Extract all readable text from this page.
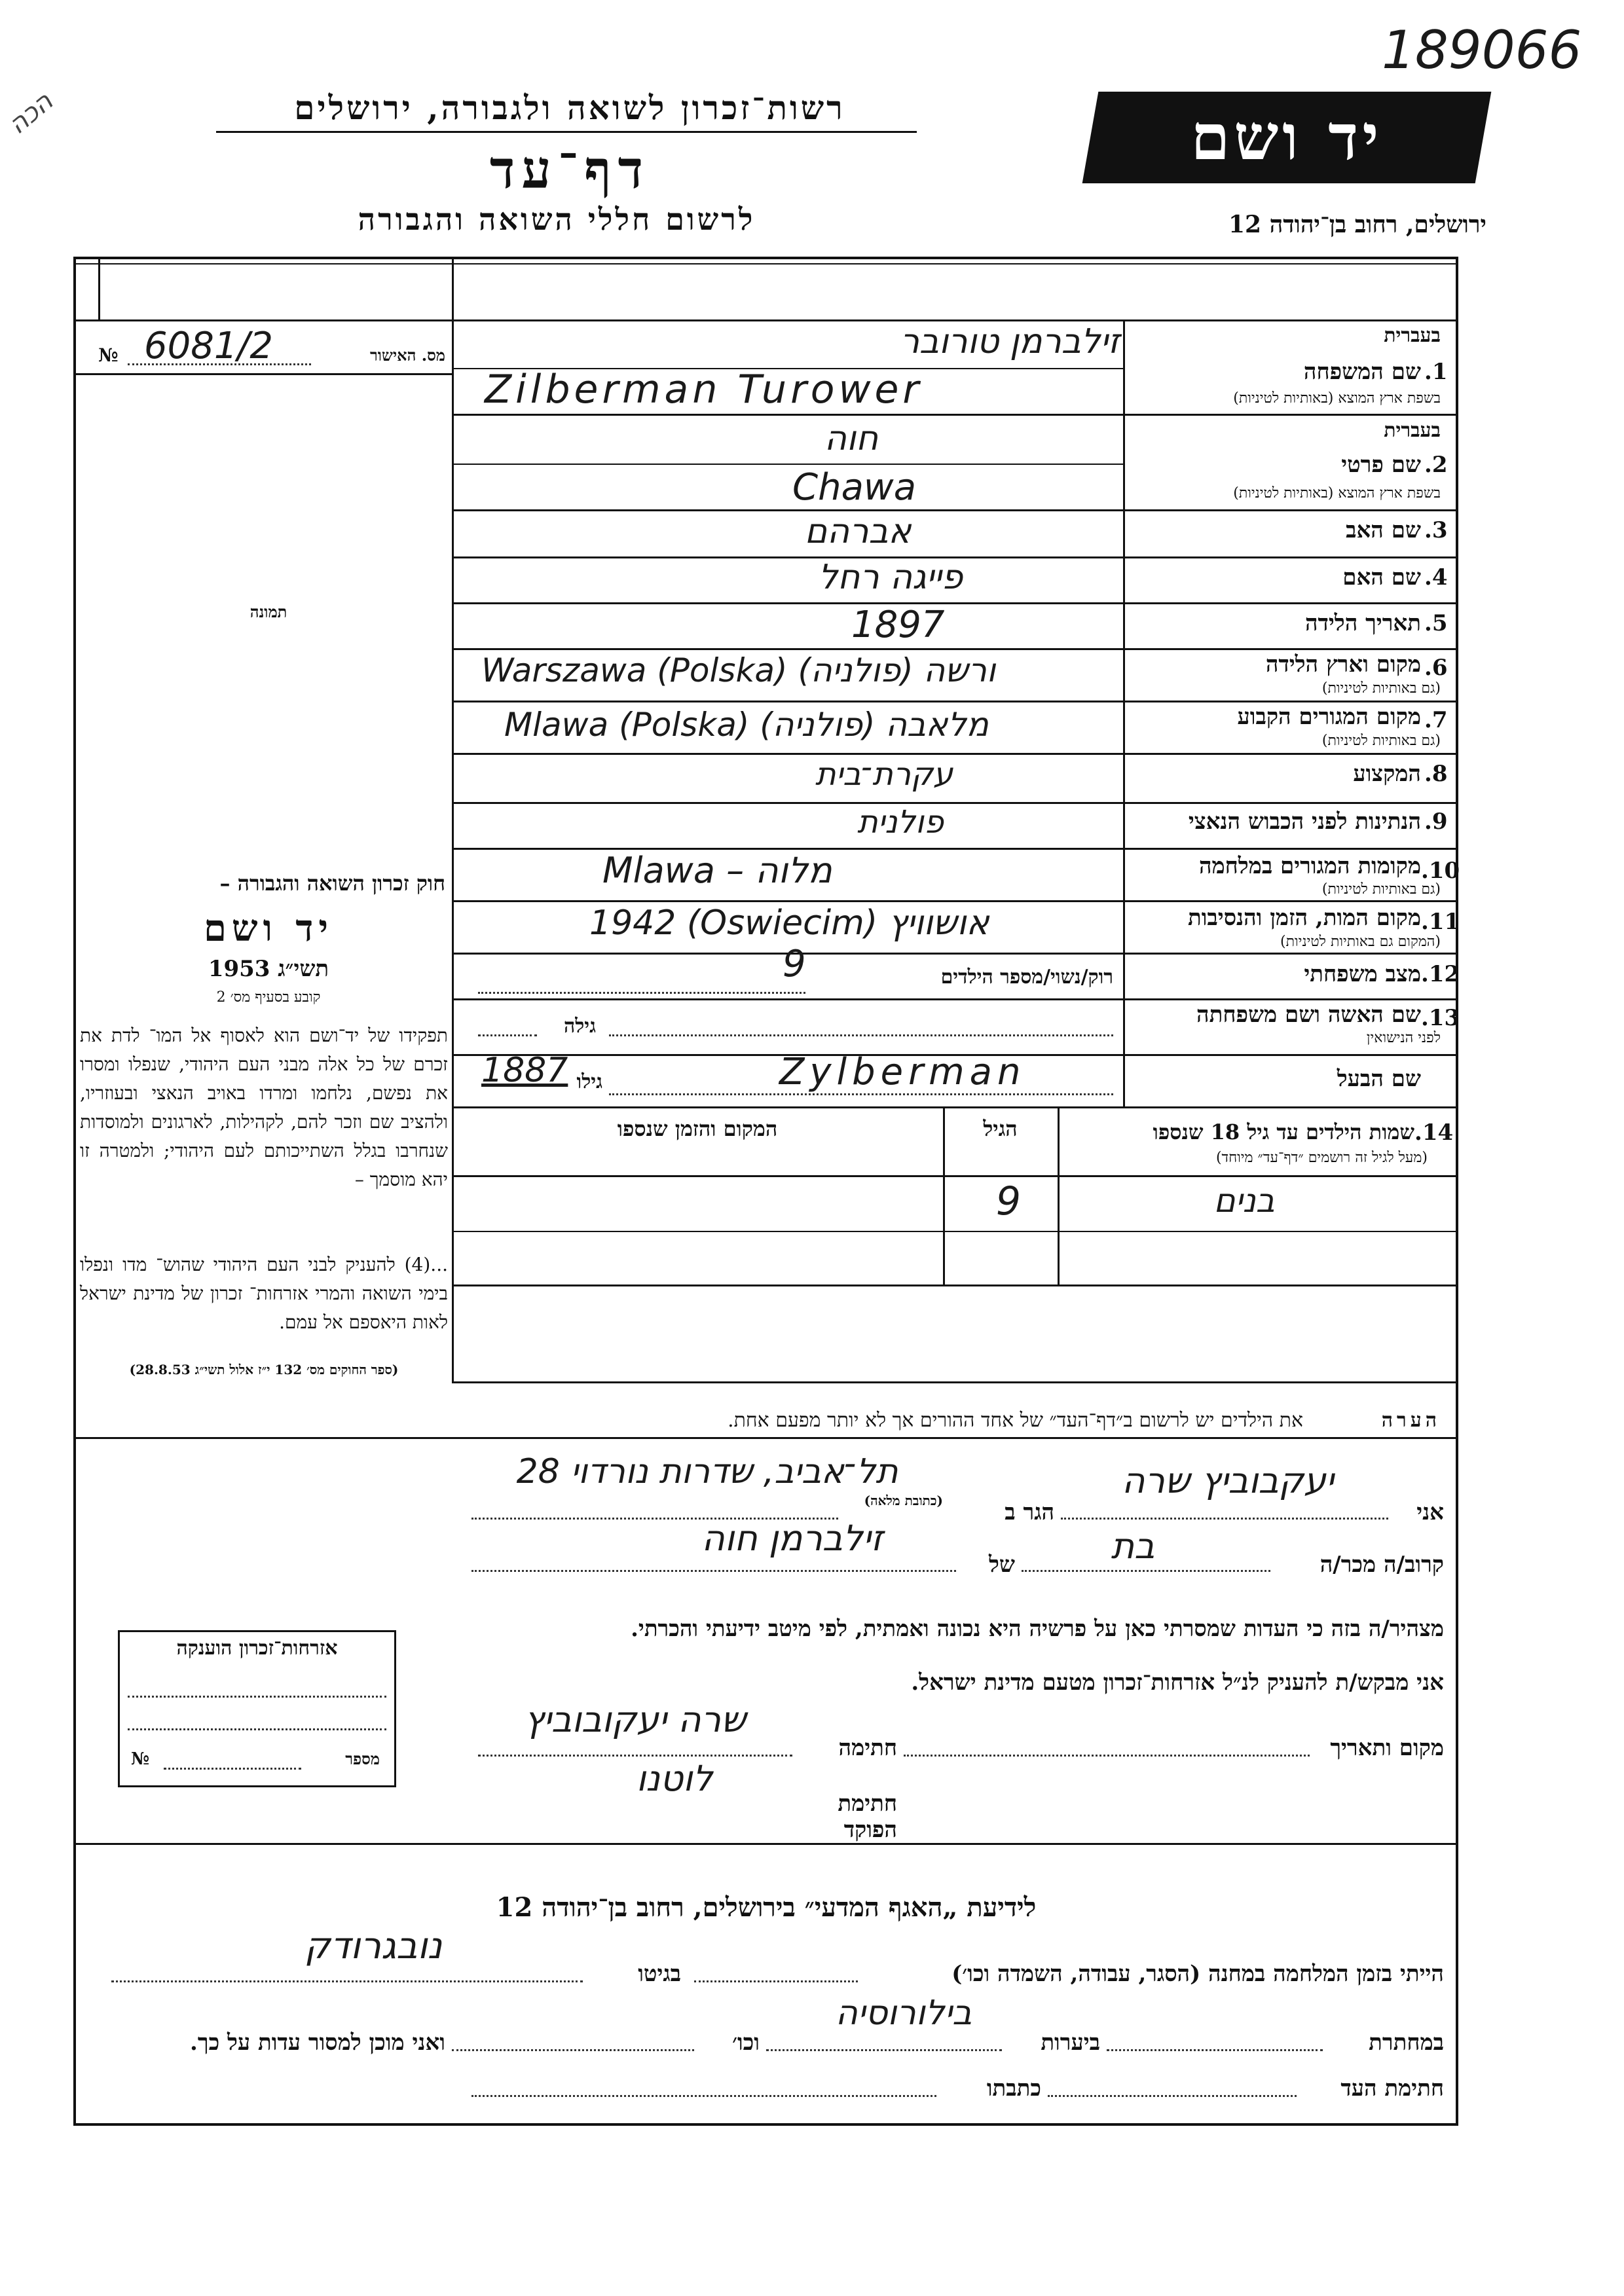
189066
הכה	רשות־זכרון לשואה ולגבורה, ירושלים
דף־עד
לרשום חללי השואה והגבורה
יד ושם
ירושלים, רחוב בן־יהודה 12
מס. האישור
№ 6081/2
תמונה
חוק זכרון השואה והגבורה –
יד ושם
תשי״ג 1953
קובע בסעיף מס׳ 2
תפקידו של יד־ושם הוא לאסוף אל המו־ לדת את זכרם של כל אלה מבני העם היהודי, שנפלו ומסרו את נפשם, נלחמו ומרדו באויב הנאצי ובעוזריו, ולהציב שם וזכר להם, לקהילות, לארגונים ולמוסדות שנחרבו בגלל השתייכותם לעם היהודי; ולמטרה זו יהא מוסמך –
...(4) להעניק לבני העם היהודי שהוש־ מדו ונפלו בימי השואה והמרי אזרחות־ זכרון של מדינת ישראל לאות היאספם אל עמם.
(ספר החוקים מס׳ 132 י״ז אלול תשי״ג 28.8.53)
בעברית
1.
שם המשפחה
בשפת ארץ המוצא (באותיות לטיניות)
זילברמן טורובר
Zilberman Turower
בעברית
2.
שם פרטי
בשפת ארץ המוצא (באותיות לטיניות)
חוה
Chawa
3.
שם האב
אברהם
4.
שם האם
פייגה רחל
5.
תאריך הלידה
1897
6.
מקום וארץ הלידה
(גם באותיות לטיניות)
Warszawa (Polska) ורשה (פולניה)
7.
מקום המגורים הקבוע
(גם באותיות לטיניות)
Mlawa (Polska) מלאבה (פולניה)
8.
המקצוע
עקרת־בית
9.
הנתינות לפני הכבוש הנאצי
פולנית
10.
מקומות המגורים במלחמה
(גם באותיות לטיניות)
Mlawa – מלוה
11.
מקום המות, הזמן והנסיבות
(המקום גם באותיות לטיניות)
1942 (Oswiecim) אושוויץ
12.
מצב משפחתי
רוק/נשוי/מספר הילדים
9
13.
שם האשה ושם משפחתה
לפני הנישואין
גילה
שם הבעל
1887 גילו	Zylberman
14.
שמות הילדים עד גיל 18 שנספו
(מעל לגיל זה רושמים ״דף־עד״ מיוחד)
הגיל
המקום והזמן שנספו
בנים
9
הערה
את הילדים יש לרשום ב״דף־העד״ של אחד ההורים אך לא יותר מפעם אחת.
אני
יעקבוביץ שרה
הגר ב
(כתובת מלאה)
תל־אביב, שדרות נורדוי 28
קרוב/ה מכר/ה
בת
של
זילברמן חוה
מצהיר/ה בזה כי העדות שמסרתי כאן על פרשיה היא נכונה ואמתית, לפי מיטב ידיעתי והכרתי.
אני מבקש/ת להעניק לנ״ל אזרחות־זכרון מטעם מדינת ישראל.
מקום ותאריך
חתימה
שרה יעקובוביץ
חתימת הפוקד
לוטנו
אזרחות־זכרון הוענקה
מספר
№
לידיעת „האגף המדעי״ בירושלים, רחוב בן־יהודה 12
הייתי בזמן המלחמה במחנה (הסגר, עבודה, השמדה וכו׳)
בגיטו
נובגרודק
במחתרת
ביערות
בילורוסיה
וכו׳
ואני מוכן למסור עדות על כך.
חתימת העד
כתבתו
